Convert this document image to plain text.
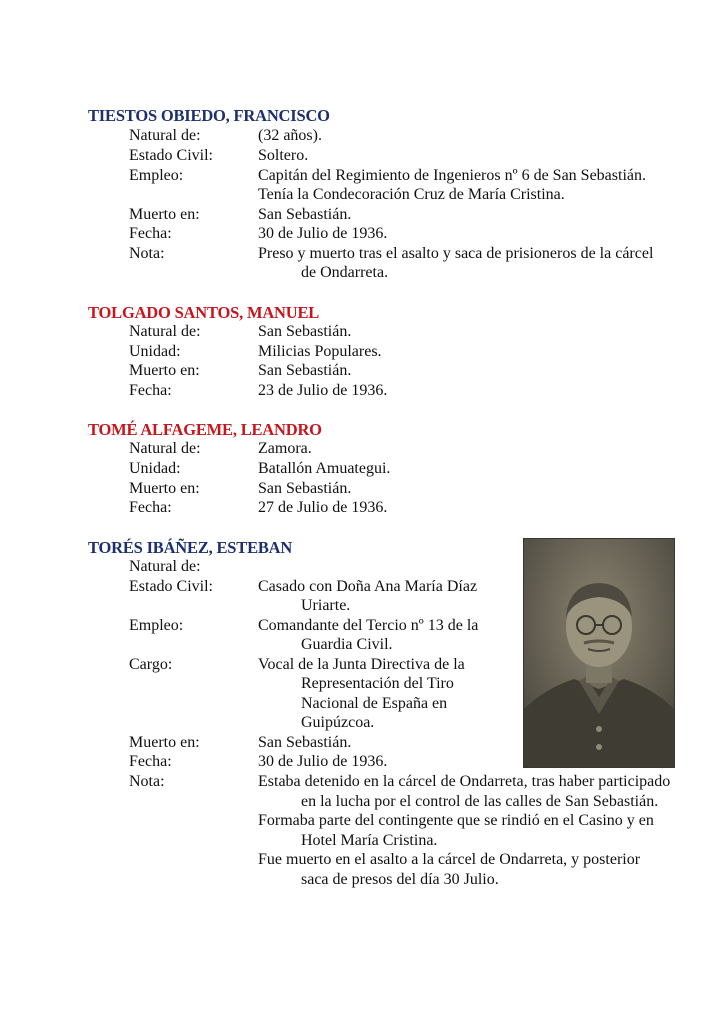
TIESTOS OBIEDO, FRANCISCO
Natural de:	(32 años).
Estado Civil:	Soltero.
Empleo:	Capitán del Regimiento de Ingenieros nº 6 de San Sebastián.
Tenía la Condecoración Cruz de María Cristina.
Muerto en:	San Sebastián.
Fecha:	30 de Julio de 1936.
Nota:	Preso y muerto tras el asalto y saca de prisioneros de la cárcel
de Ondarreta.
TOLGADO SANTOS, MANUEL
Natural de:	San Sebastián.
Unidad:	Milicias Populares.
Muerto en:	San Sebastián.
Fecha:	23 de Julio de 1936.
TOMÉ ALFAGEME, LEANDRO
Natural de:	Zamora.
Unidad:	Batallón Amuategui.
Muerto en:	San Sebastián.
Fecha:	27 de Julio de 1936.
TORÉS IBÁÑEZ, ESTEBAN
Natural de:
Estado Civil:	Casado con Doña Ana María Díaz
Uriarte.
Empleo:	Comandante del Tercio nº 13 de la
Guardia Civil.
Cargo:	Vocal de la Junta Directiva de la
Representación del Tiro
Nacional de España en
Guipúzcoa.
Muerto en:	San Sebastián.
Fecha:	30 de Julio de 1936.
Nota:	Estaba detenido en la cárcel de Ondarreta, tras haber participado
en la lucha por el control de las calles de San Sebastián.
Formaba parte del contingente que se rindió en el Casino y en
Hotel María Cristina.
Fue muerto en el asalto a la cárcel de Ondarreta, y posterior
saca de presos del día 30 Julio.
